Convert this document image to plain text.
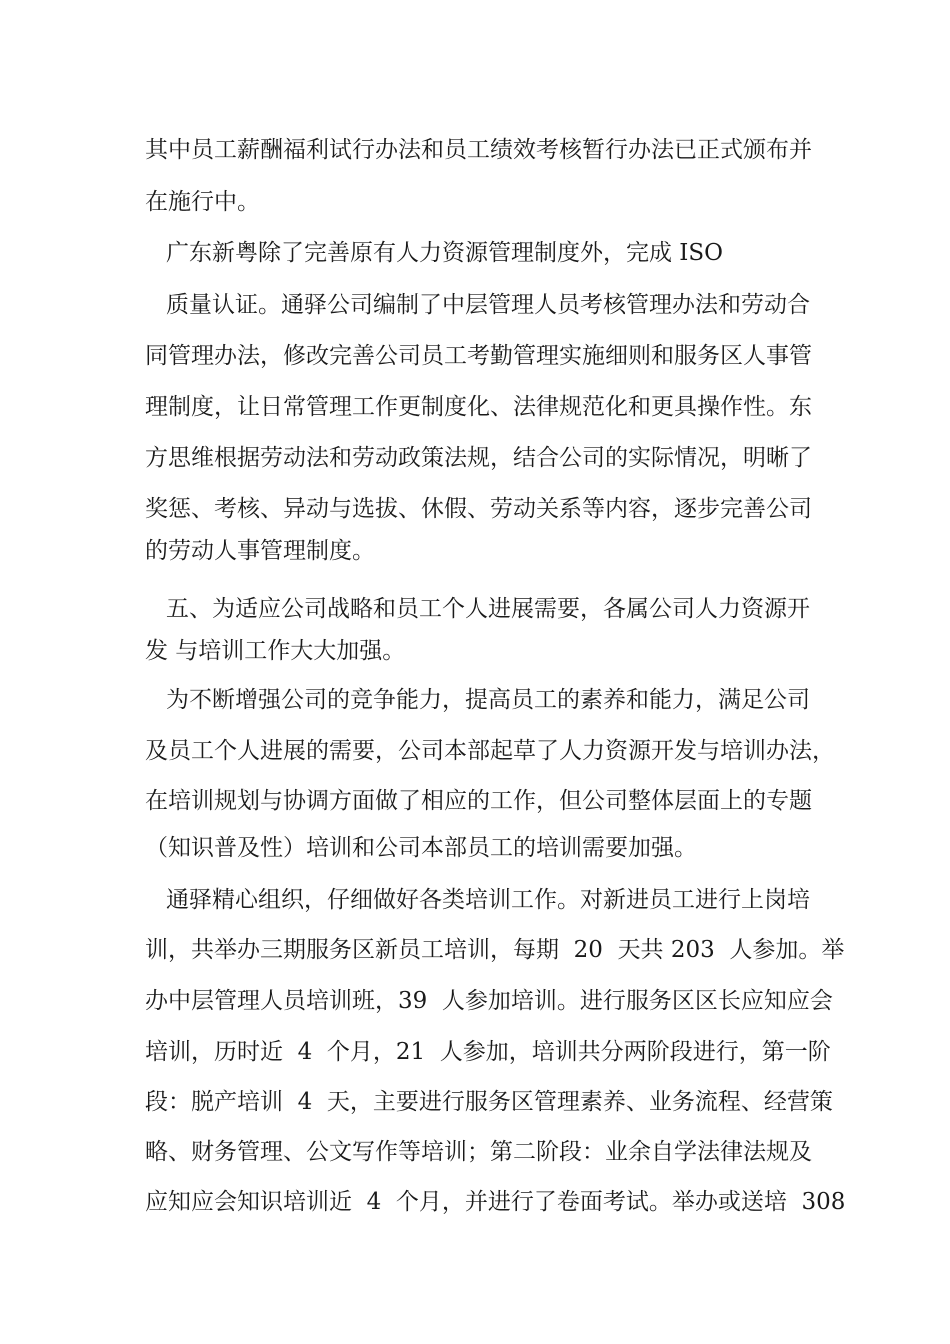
其中员工薪酬福利试行办法和员工绩效考核暂行办法已正式颁布并
在施行中。
广东新粤除了完善原有人力资源管理制度外，完成 ISO
质量认证。通驿公司编制了中层管理人员考核管理办法和劳动合
同管理办法，修改完善公司员工考勤管理实施细则和服务区人事管
理制度，让日常管理工作更制度化、法律规范化和更具操作性。东
方思维根据劳动法和劳动政策法规，结合公司的实际情况，明晰了
奖惩、考核、异动与选拔、休假、劳动关系等内容，逐步完善公司
的劳动人事管理制度。
五、为适应公司战略和员工个人进展需要，各属公司人力资源开
发 与培训工作大大加强。
为不断增强公司的竞争能力，提高员工的素养和能力，满足公司
及员工个人进展的需要，公司本部起草了人力资源开发与培训办法，
在培训规划与协调方面做了相应的工作，但公司整体层面上的专题
（知识普及性）培训和公司本部员工的培训需要加强。
通驿精心组织，仔细做好各类培训工作。对新进员工进行上岗培
训，共举办三期服务区新员工培训，每期  20  天共 203  人参加。举
办中层管理人员培训班，39  人参加培训。进行服务区区长应知应会
培训，历时近  4  个月，21  人参加，培训共分两阶段进行，第一阶
段：脱产培训  4  天，主要进行服务区管理素养、业务流程、经营策
略、财务管理、公文写作等培训；第二阶段：业余自学法律法规及
应知应会知识培训近  4  个月，并进行了卷面考试。举办或送培  308
